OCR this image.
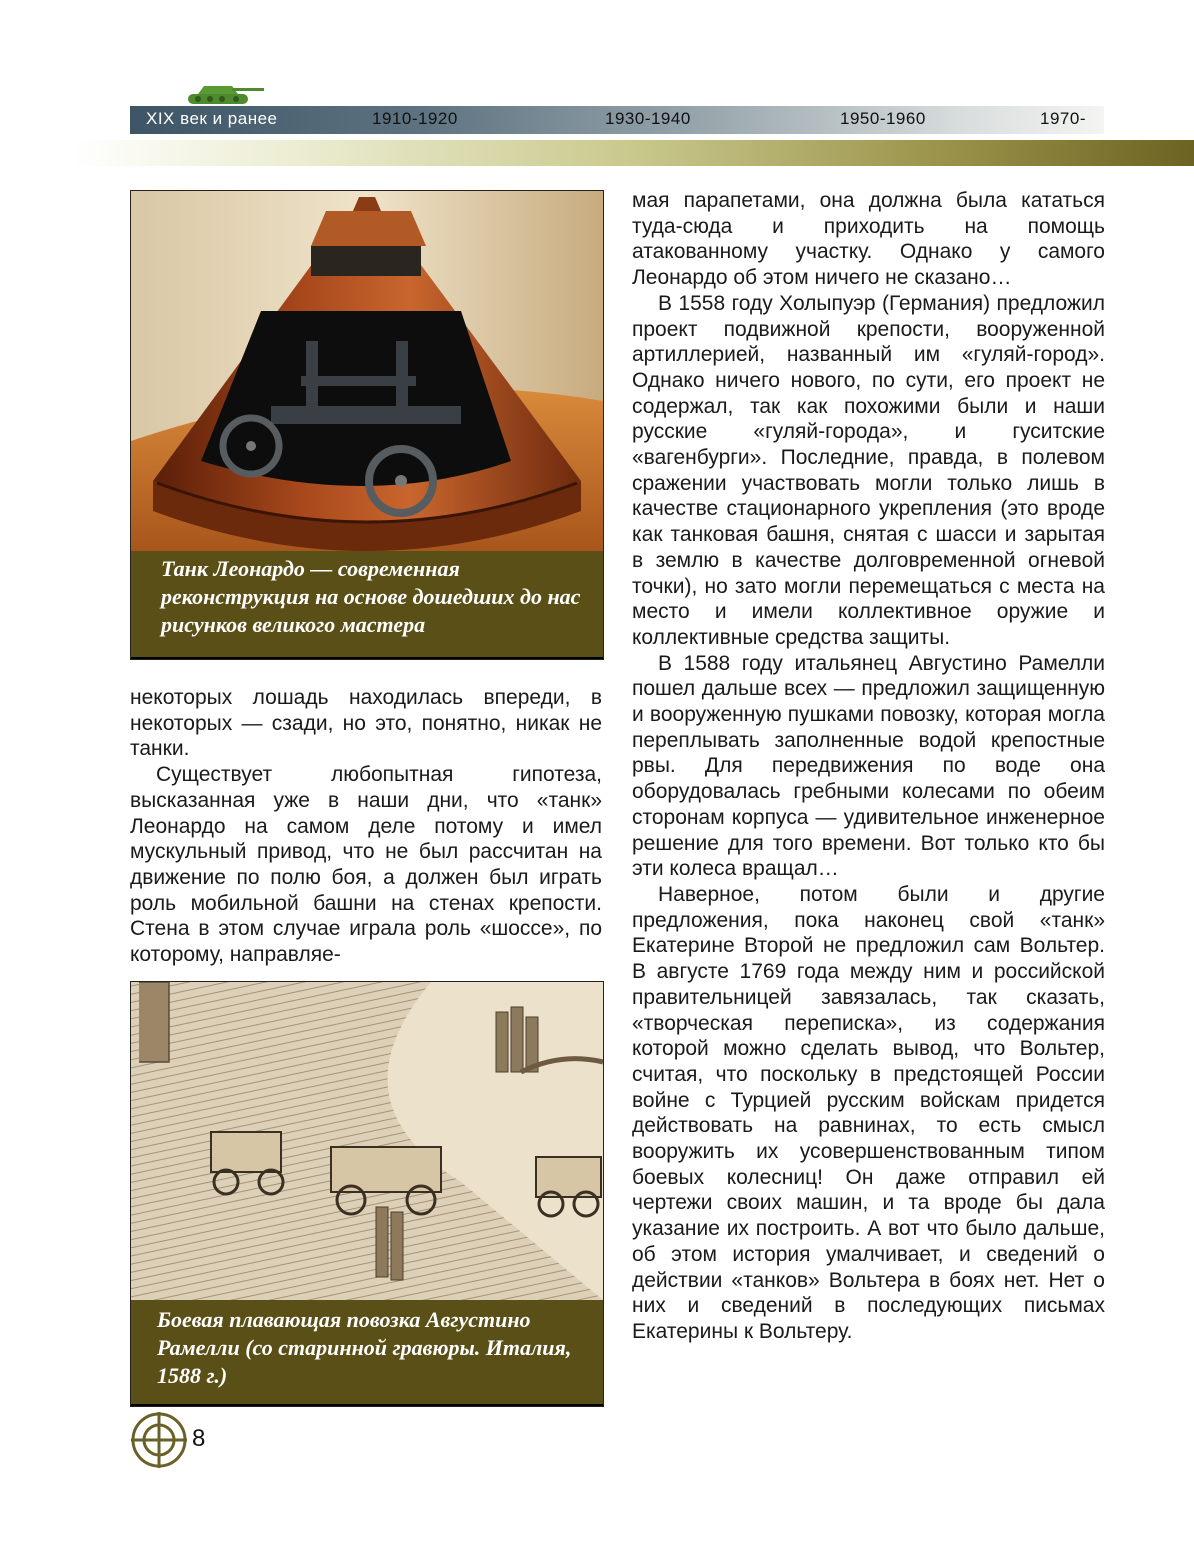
XIX век и ранее	1910-1920	1930-1940	1950-1960	1970-
Танк Леонардо — современная реконструкция на основе дошедших до нас рисунков великого мастера

мая парапетами, она должна была кататься туда-сюда и приходить на помощь атакованному участку. Однако у самого Леонардо об этом ничего не сказано…

В 1558 году Холыпуэр (Германия) предложил проект подвижной крепости, вооруженной артиллерией, названный им «гуляй-город». Однако ничего нового, по сути, его проект не содержал, так как похожими были и наши русские «гуляй-города», и гуситские «вагенбурги». Последние, правда, в полевом сражении участвовать могли только лишь в качестве стационарного укрепления (это вроде как танковая башня, снятая с шасси и зарытая в землю в качестве долговременной огневой точки), но зато могли перемещаться с места на место и имели коллективное оружие и коллективные средства защиты.

В 1588 году итальянец Августино Рамелли пошел дальше всех — предложил защищенную и вооруженную пушками повозку, которая могла переплывать заполненные водой крепостные рвы. Для передвижения по воде она оборудовалась гребными колесами по обеим сторонам корпуса — удивительное инженерное решение для того времени. Вот только кто бы эти колеса вращал…

Наверное, потом были и другие предложения, пока наконец свой «танк» Екатерине Второй не предложил сам Вольтер. В августе 1769 года между ним и российской правительницей завязалась, так сказать, «творческая переписка», из содержания которой можно сделать вывод, что Вольтер, считая, что поскольку в предстоящей России войне с Турцией русским войскам придется действовать на равнинах, то есть смысл вооружить их усовершенствованным типом боевых колесниц! Он даже отправил ей чертежи своих машин, и та вроде бы дала указание их построить. А вот что было дальше, об этом история умалчивает, и сведений о действии «танков» Вольтера в боях нет. Нет о них и сведений в последующих письмах Екатерины к Вольтеру.

некоторых лошадь находилась впереди, в некоторых — сзади, но это, понятно, никак не танки.

Существует любопытная гипотеза, высказанная уже в наши дни, что «танк» Леонардо на самом деле потому и имел мускульный привод, что не был рассчитан на движение по полю боя, а должен был играть роль мобильной башни на стенах крепости. Стена в этом случае играла роль «шоссе», по которому, направляе-

Боевая плавающая повозка Августино Рамелли (со старинной гравюры. Италия, 1588 г.)
8
